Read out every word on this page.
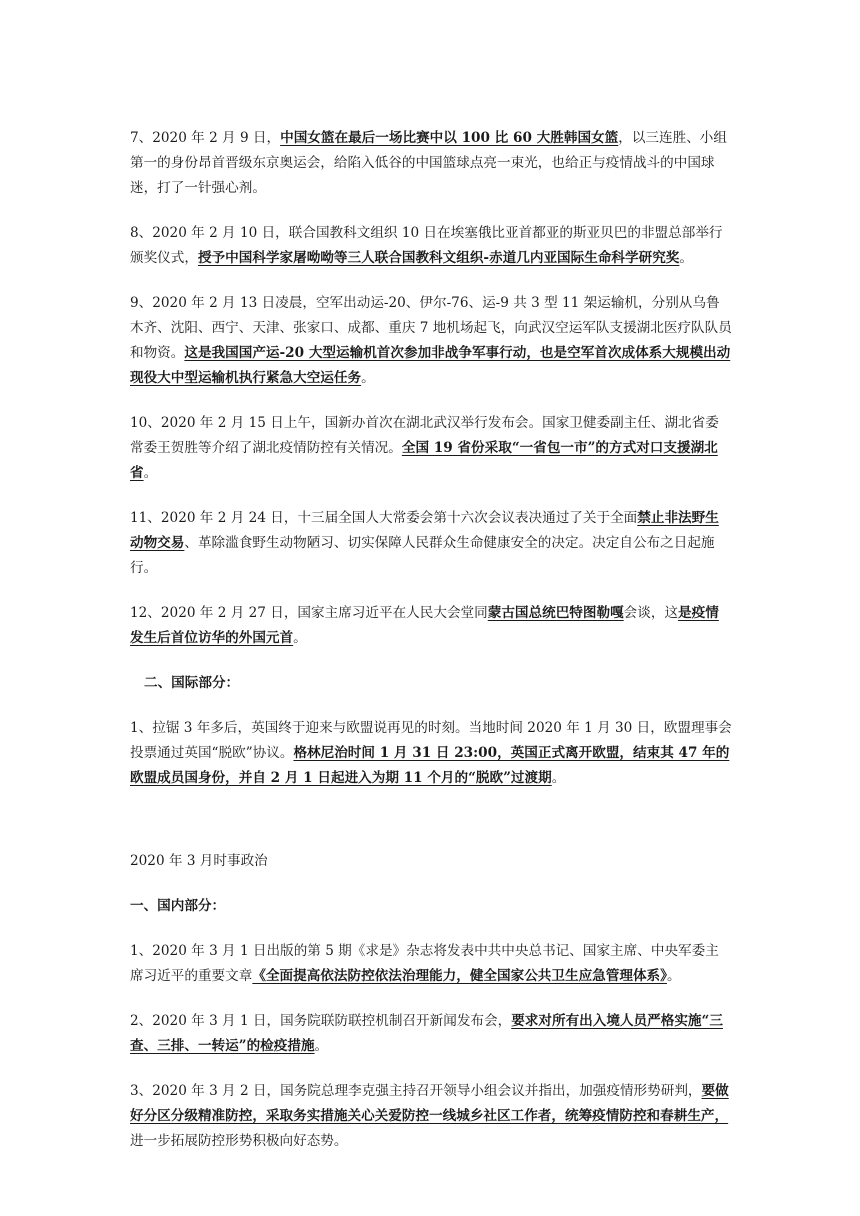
7、2020 年 2 月 9 日，中国女篮在最后一场比赛中以 100 比 60 大胜韩国女篮，以三连胜、小组第一的身份昂首晋级东京奥运会，给陷入低谷的中国篮球点亮一束光，也给正与疫情战斗的中国球迷，打了一针强心剂。

8、2020 年 2 月 10 日，联合国教科文组织 10 日在埃塞俄比亚首都亚的斯亚贝巴的非盟总部举行颁奖仪式，授予中国科学家屠呦呦等三人联合国教科文组织-赤道几内亚国际生命科学研究奖。

9、2020 年 2 月 13 日凌晨，空军出动运-20、伊尔-76、运-9 共 3 型 11 架运输机，分别从乌鲁木齐、沈阳、西宁、天津、张家口、成都、重庆 7 地机场起飞，向武汉空运军队支援湖北医疗队队员和物资。这是我国国产运-20 大型运输机首次参加非战争军事行动，也是空军首次成体系大规模出动现役大中型运输机执行紧急大空运任务。

10、2020 年 2 月 15 日上午，国新办首次在湖北武汉举行发布会。国家卫健委副主任、湖北省委常委王贺胜等介绍了湖北疫情防控有关情况。全国 19 省份采取“一省包一市”的方式对口支援湖北省。

11、2020 年 2 月 24 日，十三届全国人大常委会第十六次会议表决通过了关于全面禁止非法野生动物交易、革除滥食野生动物陋习、切实保障人民群众生命健康安全的决定。决定自公布之日起施行。

12、2020 年 2 月 27 日，国家主席习近平在人民大会堂同蒙古国总统巴特图勒嘎会谈，这是疫情发生后首位访华的外国元首。

二、国际部分：

1、拉锯 3 年多后，英国终于迎来与欧盟说再见的时刻。当地时间 2020 年 1 月 30 日，欧盟理事会投票通过英国“脱欧”协议。格林尼治时间 1 月 31 日 23:00，英国正式离开欧盟，结束其 47 年的欧盟成员国身份，并自 2 月 1 日起进入为期 11 个月的“脱欧”过渡期。

2020 年 3 月时事政治

一、国内部分：

1、2020 年 3 月 1 日出版的第 5 期《求是》杂志将发表中共中央总书记、国家主席、中央军委主席习近平的重要文章《全面提高依法防控依法治理能力，健全国家公共卫生应急管理体系》。

2、2020 年 3 月 1 日，国务院联防联控机制召开新闻发布会，要求对所有出入境人员严格实施“三查、三排、一转运”的检疫措施。

3、2020 年 3 月 2 日，国务院总理李克强主持召开领导小组会议并指出，加强疫情形势研判，要做好分区分级精准防控，采取务实措施关心关爱防控一线城乡社区工作者，统筹疫情防控和春耕生产，进一步拓展防控形势积极向好态势。
